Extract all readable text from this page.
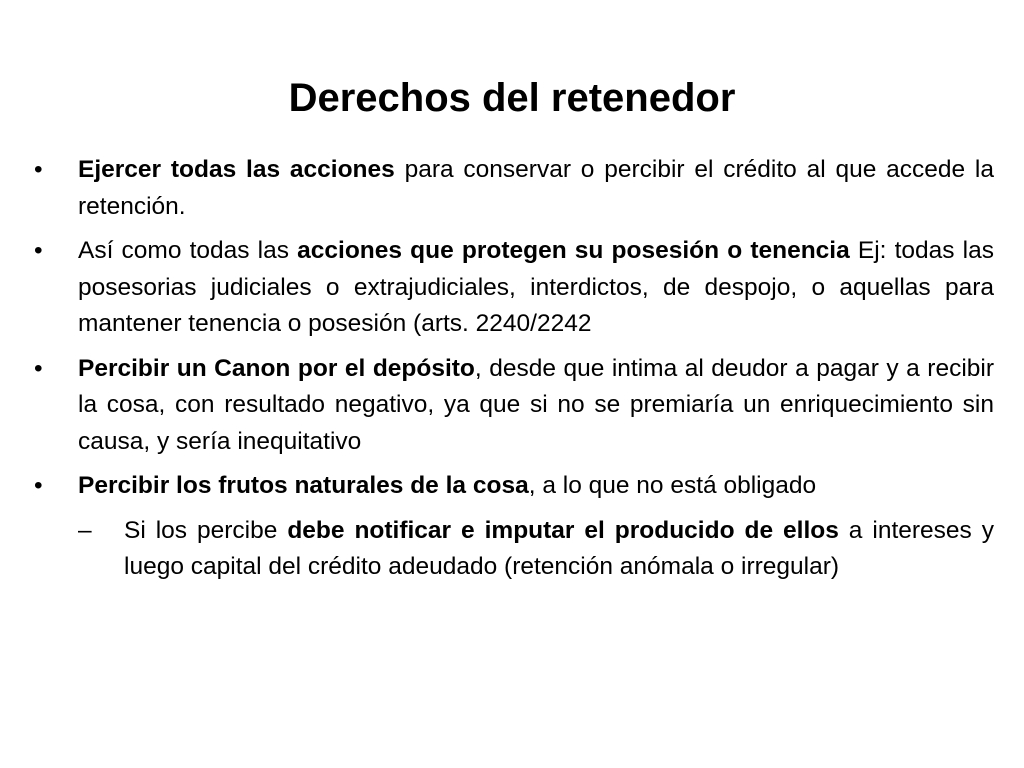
Derechos del retenedor
•	Ejercer todas las acciones para conservar o percibir el crédito al que accede la retención.
•	Así como todas las acciones que protegen su posesión o tenencia Ej: todas las posesorias judiciales o extrajudiciales, interdictos, de despojo, o aquellas para mantener tenencia o posesión (arts. 2240/2242
•	Percibir un Canon por el depósito, desde que intima al deudor a pagar y a recibir la cosa, con resultado negativo, ya que si no se premiaría un enriquecimiento sin causa, y sería inequitativo
•	Percibir los frutos naturales de la cosa, a lo que no está obligado
– Si los percibe debe notificar e imputar el producido de ellos a intereses y luego capital del crédito adeudado (retención anómala o irregular)
